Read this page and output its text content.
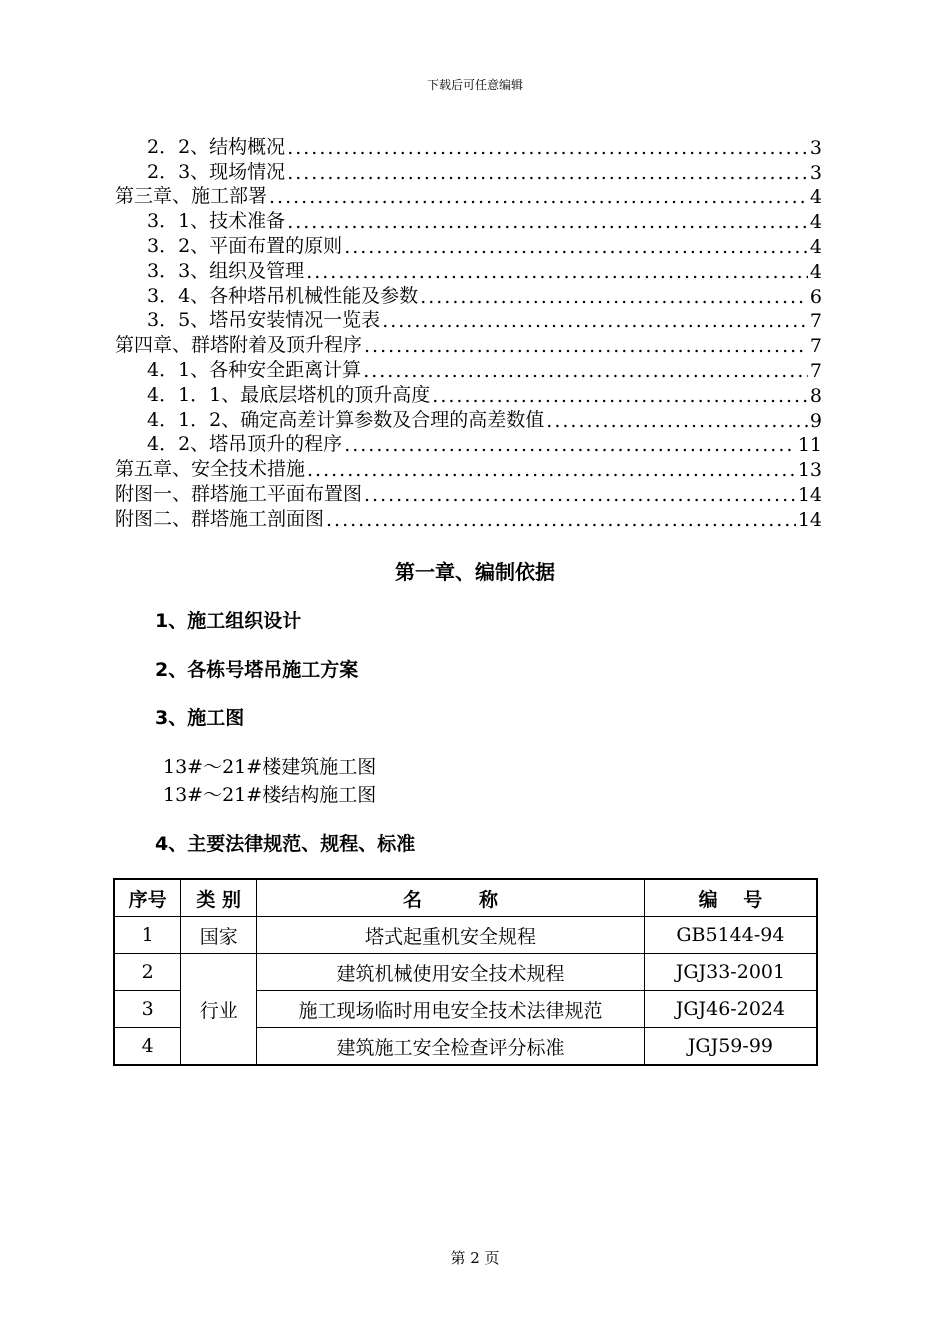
下载后可任意编辑
2．2、结构概况 .....	3
2．3、现场情况 .....	3
第三章、施工部署 .....	4
3．1、技术准备 .....	4
3．2、平面布置的原则 .....	4
3．3、组织及管理 .....	4
3．4、各种塔吊机械性能及参数 .....	6
3．5、塔吊安装情况一览表 .....	7
第四章、群塔附着及顶升程序 .....	7
4．1、各种安全距离计算 .....	7
4．1．1、最底层塔机的顶升高度 .....	8
4．1．2、确定高差计算参数及合理的高差数值 .....	9
4．2、塔吊顶升的程序 .....	11
第五章、安全技术措施 .....	13
附图一、群塔施工平面布置图 .....	14
附图二、群塔施工剖面图 .....	14
第一章、编制依据
1、施工组织设计
2、各栋号塔吊施工方案
3、施工图
13#～21#楼建筑施工图
13#～21#楼结构施工图
4、主要法律规范、规程、标准
序号	类 别	名　　　称	编　 号
1	国家	塔式起重机安全规程	GB5144-94
2	行业	建筑机械使用安全技术规程	JGJ33-2001
3		施工现场临时用电安全技术法律规范	JGJ46-2024
4		建筑施工安全检查评分标准	JGJ59-99
第 2 页
